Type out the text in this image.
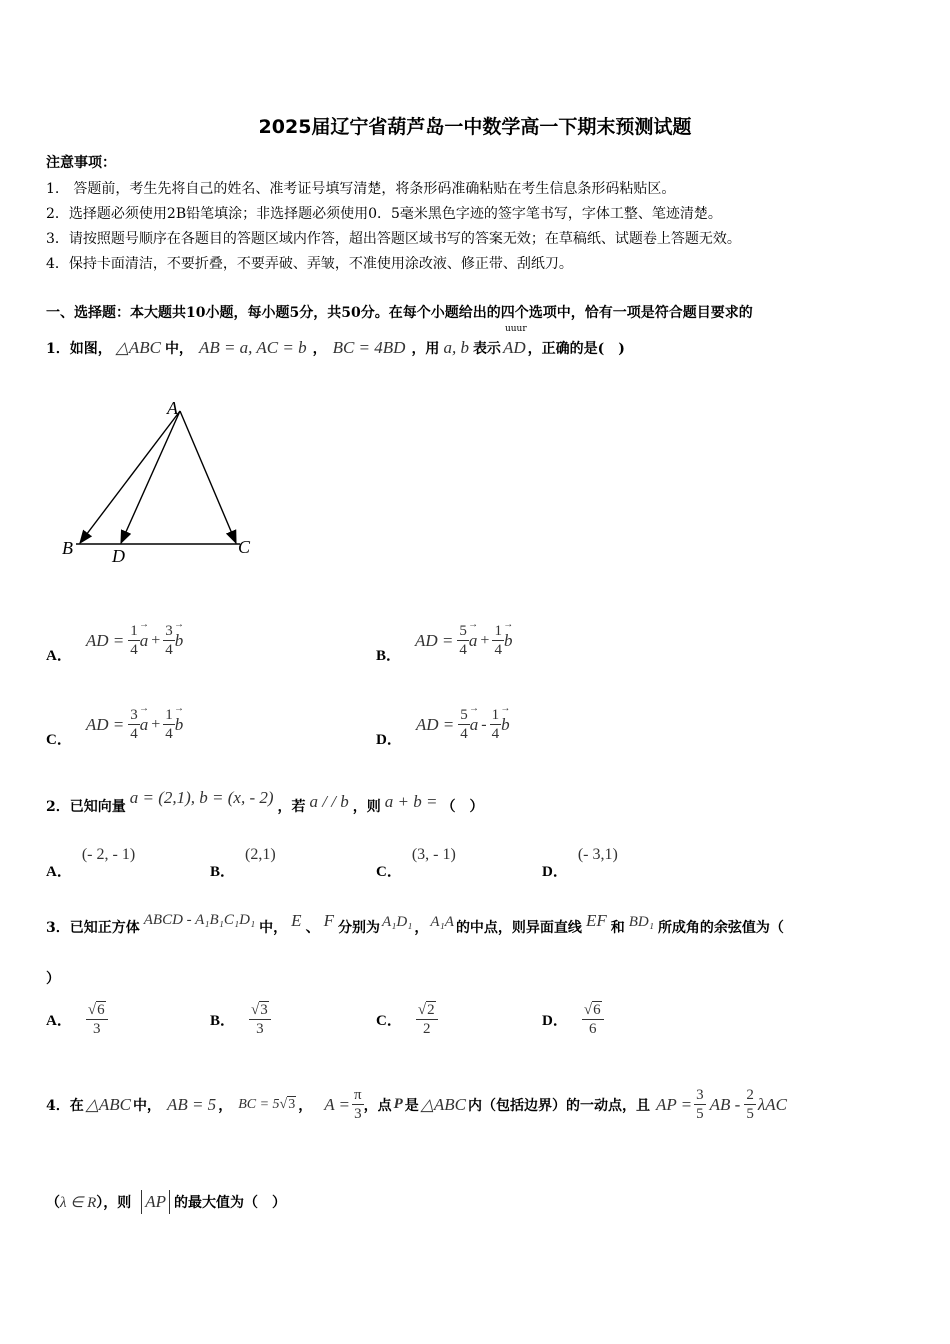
2025届辽宁省葫芦岛一中数学高一下期末预测试题
注意事项：
1.　答题前，考生先将自己的姓名、准考证号填写清楚，将条形码准确粘贴在考生信息条形码粘贴区。
2．选择题必须使用2B铅笔填涂；非选择题必须使用0．5毫米黑色字迹的签字笔书写，字体工整、笔迹清楚。
3．请按照题号顺序在各题目的答题区域内作答，超出答题区域书写的答案无效；在草稿纸、试题卷上答题无效。
4．保持卡面清洁，不要折叠，不要弄破、弄皱，不准使用涂改液、修正带、刮纸刀。
一、选择题：本大题共10小题，每小题5分，共50分。在每个小题给出的四个选项中，恰有一项是符合题目要求的
1．如图， △ABC 中， AB = a, AC = b ， BC = 4BD ，用 a, b 表示
uuur
AD ，正确的是(　)
A
B D	C
A．
AD = $\frac{1}{4}$ a → + $\frac{3}{4}$ b →
B．
AD = $\frac{5}{4}$ a → + $\frac{1}{4}$ b →
C．
AD = $\frac{3}{4}$ a → + $\frac{1}{4}$ b →
D．
AD = $\frac{5}{4}$ a → - $\frac{1}{4}$ b →
2．已知向量 a = (2,1), b = (x, - 2) ，若 a / / b ，则 a + b = （　）
A．
(- 2, - 1)
B．
(2,1)
C．
(3, - 1)
D．
(- 3,1)
3．已知正方体 ABCD - A₁B₁C₁D₁ 中， E 、 F 分别为 A₁D₁ ， A₁A 的中点，则异面直线 EF 和 BD₁ 所成角的余弦值为（
）
A． $\frac{√6}{3}$	B． $\frac{√3}{3}$	C． $\frac{√2}{2}$	D． $\frac{√6}{6}$
4．在 △ABC 中， AB = 5 ， BC = 5 √3 ， $A = \frac{\pi}{3}$ ，点 P 是 △ABC 内（包括边界）的一动点，且 AP = $\frac{3}{5}$ AB - $\frac{2}{5}$ λAC
（ λ ∈ R ），则 AP 的最大值为（　）
